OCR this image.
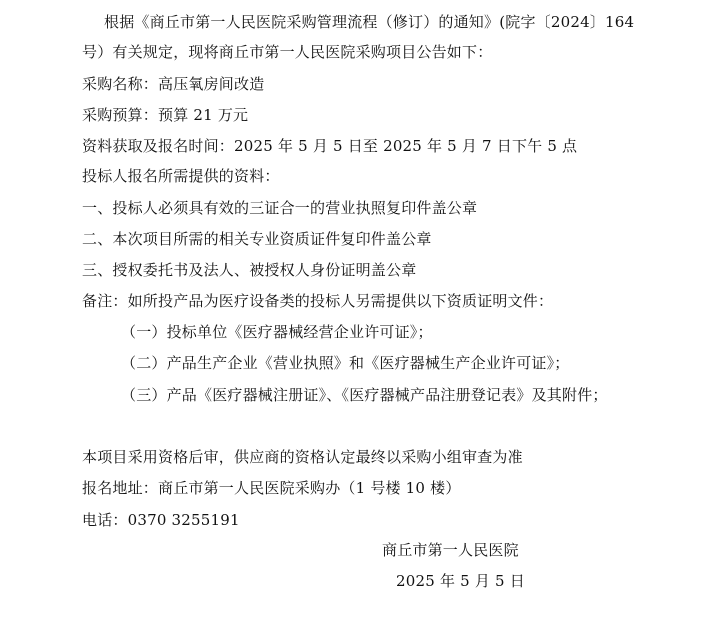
根据《商丘市第一人民医院采购管理流程（修订）的通知》(院字〔2024〕164
号）有关规定，现将商丘市第一人民医院采购项目公告如下：
采购名称：高压氧房间改造
采购预算：预算 21 万元
资料获取及报名时间：2025 年 5 月 5 日至 2025 年 5 月 7 日下午 5 点
投标人报名所需提供的资料：
一、投标人必须具有效的三证合一的营业执照复印件盖公章
二、本次项目所需的相关专业资质证件复印件盖公章
三、授权委托书及法人、被授权人身份证明盖公章
备注：如所投产品为医疗设备类的投标人另需提供以下资质证明文件：
（一）投标单位《医疗器械经营企业许可证》；
（二）产品生产企业《营业执照》和《医疗器械生产企业许可证》；
（三）产品《医疗器械注册证》、《医疗器械产品注册登记表》及其附件；
本项目采用资格后审，供应商的资格认定最终以采购小组审查为准
报名地址：商丘市第一人民医院采购办（1 号楼 10 楼）
电话：0370 3255191
商丘市第一人民医院
2025 年 5 月 5 日
